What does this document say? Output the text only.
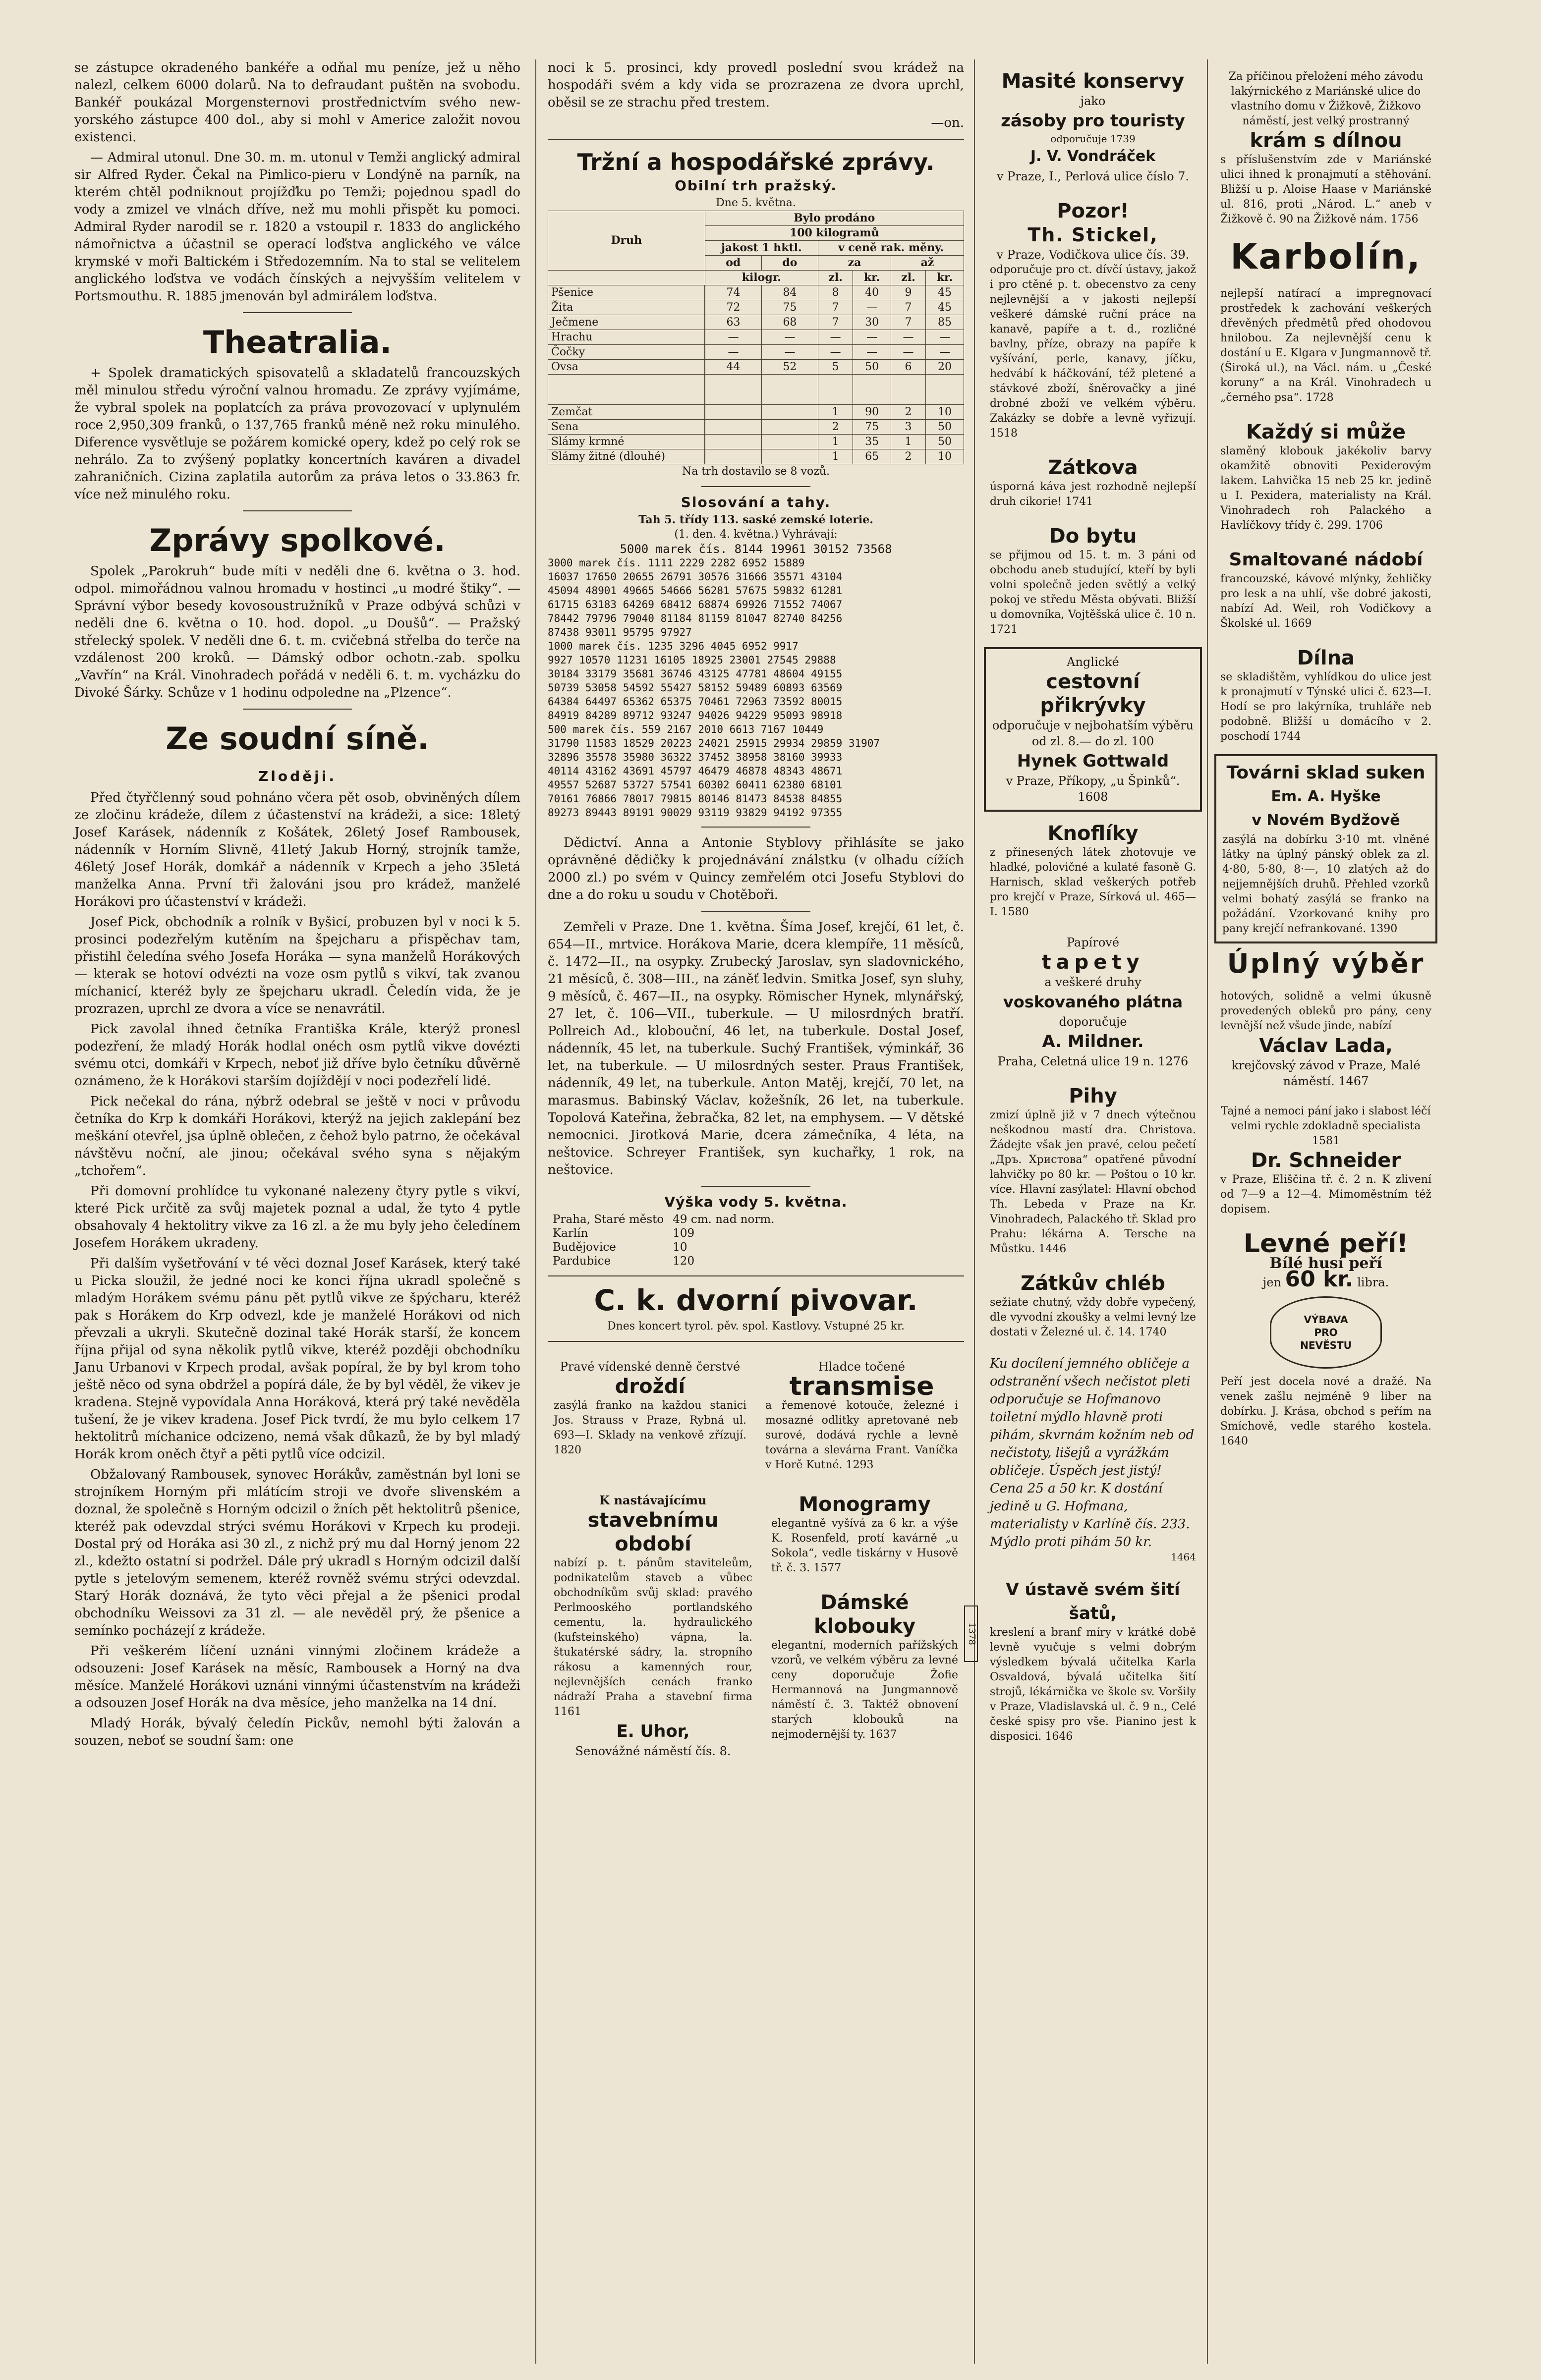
se zástupce okradeného bankéře a odňal mu peníze, jež u něho nalezl, celkem 6000 dolarů. Na to defraudant puštěn na svobodu. Bankéř poukázal Morgensternovi prostřednictvím svého new-yorského zástupce 400 dol., aby si mohl v Americe založit novou existenci.

— Admiral utonul. Dne 30. m. m. utonul v Temži anglický admiral sir Alfred Ryder. Čekal na Pimlico-pieru v Londýně na parník, na kterém chtěl podniknout projížďku po Temži; pojednou spadl do vody a zmizel ve vlnách dříve, než mu mohli přispět ku pomoci. Admiral Ryder narodil se r. 1820 a vstoupil r. 1833 do anglického námořnictva a účastnil se operací loďstva anglického ve válce krymské v moři Baltickém i Středozemním. Na to stal se velitelem anglického loďstva ve vodách čínských a nejvyšším velitelem v Portsmouthu. R. 1885 jmenován byl admirálem loďstva.

Theatralia.

+ Spolek dramatických spisovatelů a skladatelů francouzských měl minulou středu výroční valnou hromadu. Ze zprávy vyjímáme, že vybral spolek na poplatcích za práva provozovací v uplynulém roce 2,950,309 franků, o 137,765 franků méně než roku minulého. Diference vysvětluje se požárem komické opery, kdež po celý rok se nehrálo. Za to zvýšený poplatky koncertních kaváren a divadel zahraničních. Cizina zaplatila autorům za práva letos o 33.863 fr. více než minulého roku.

Zprávy spolkové.

Spolek „Parokruh“ bude míti v neděli dne 6. května o 3. hod. odpol. mimořádnou valnou hromadu v hostinci „u modré štiky“. — Správní výbor besedy kovosoustružníků v Praze odbývá schůzi v neděli dne 6. května o 10. hod. dopol. „u Doušů“. — Pražský střelecký spolek. V neděli dne 6. t. m. cvičebná střelba do terče na vzdálenost 200 kroků. — Dámský odbor ochotn.-zab. spolku „Vavřín“ na Král. Vinohradech pořádá v neděli 6. t. m. vycházku do Divoké Šárky. Schůze v 1 hodinu odpoledne na „Plzence“.

Ze soudní síně.
Zloději.

Před čtyřčlenný soud pohnáno včera pět osob, obviněných dílem ze zločinu krádeže, dílem z účastenství na krádeži, a sice: 18letý Josef Karásek, nádenník z Košátek, 26letý Josef Rambousek, nádenník v Horním Slivně, 41letý Jakub Horný, strojník tamže, 46letý Josef Horák, domkář a nádenník v Krpech a jeho 35letá manželka Anna. První tři žalováni jsou pro krádež, manželé Horákovi pro účastenství v krádeži.

Josef Pick, obchodník a rolník v Byšicí, probuzen byl v noci k 5. prosinci podezřelým kutěním na špejcharu a přispěchav tam, přistihl čeledína svého Josefa Horáka — syna manželů Horákových — kterak se hotoví odvézti na voze osm pytlů s vikví, tak zvanou míchanicí, kteréž byly ze špejcharu ukradl. Čeledín vida, že je prozrazen, uprchl ze dvora a více se nenavrátil.

Pick zavolal ihned četníka Františka Krále, kterýž pronesl podezření, že mladý Horák hodlal onéch osm pytlů vikve dovézti svému otci, domkáři v Krpech, neboť již dříve bylo četníku důvěrně oznámeno, že k Horákovi starším dojíždějí v noci podezřelí lidé.

Pick nečekal do rána, nýbrž odebral se ještě v noci v průvodu četníka do Krp k domkáři Horákovi, kterýž na jejich zaklepání bez meškání otevřel, jsa úplně oblečen, z čehož bylo patrno, že očekával návštěvu noční, ale jinou; očekával svého syna s nějakým „tchořem“.

Při domovní prohlídce tu vykonané nalezeny čtyry pytle s vikví, které Pick určitě za svůj majetek poznal a udal, že tyto 4 pytle obsahovaly 4 hektolitry vikve za 16 zl. a že mu byly jeho čeledínem Josefem Horákem ukradeny.

Při dalším vyšetřování v té věci doznal Josef Karásek, který také u Picka sloužil, že jedné noci ke konci října ukradl společně s mladým Horákem svému pánu pět pytlů vikve ze špýcharu, kteréž pak s Horákem do Krp odvezl, kde je manželé Horákovi od nich převzali a ukryli. Skutečně dozinal také Horák starší, že koncem října přijal od syna několik pytlů vikve, kteréž později obchodníku Janu Urbanovi v Krpech prodal, avšak popíral, že by byl krom toho ještě něco od syna obdržel a popírá dále, že by byl věděl, že vikev je kradena. Stejně vypovídala Anna Horáková, která prý také nevěděla tušení, že je vikev kradena. Josef Pick tvrdí, že mu bylo celkem 17 hektolitrů míchanice odcizeno, nemá však důkazů, že by byl mladý Horák krom oněch čtyř a pěti pytlů více odcizil.

Obžalovaný Rambousek, synovec Horákův, zaměstnán byl loni se strojníkem Horným při mlátícím stroji ve dvoře slivenském a doznal, že společně s Horným odcizil o žních pět hektolitrů pšenice, kteréž pak odevzdal strýci svému Horákovi v Krpech ku prodeji. Dostal prý od Horáka asi 30 zl., z nichž prý mu dal Horný jenom 22 zl., kdežto ostatní si podržel. Dále prý ukradl s Horným odcizil další pytle s jetelovým semenem, kteréž rovněž svému strýci odevzdal. Starý Horák doznává, že tyto věci přejal a že pšenici prodal obchodníku Weissovi za 31 zl. — ale nevěděl prý, že pšenice a semínko pocházejí z krádeže.

Při veškerém líčení uznáni vinnými zločinem krádeže a odsouzeni: Josef Karásek na měsíc, Rambousek a Horný na dva měsíce. Manželé Horákovi uznáni vinnými účastenstvím na krádeži a odsouzen Josef Horák na dva měsíce, jeho manželka na 14 dní.

Mladý Horák, bývalý čeledín Pickův, nemohl býti žalován a souzen, neboť se soudní šam: one

noci k 5. prosinci, kdy provedl poslední svou krádež na hospodáři svém a kdy vida se prozrazena ze dvora uprchl, oběsil se ze strachu před trestem.

—on.

Tržní a hospodářské zprávy.
Obilní trh pražský.
Dne 5. května.
Druh	Bylo prodáno					
	100 kilogramů					
	jakost 1 hktl.		v ceně rak. měny.			
	od	do	za		až	
	kilogr.		zl.	kr.	zl.	kr.
Pšenice	74	84	8	40	9	45
Žita	72	75	7	—	7	45
Ječmene	63	68	7	30	7	85
Hrachu	—	—	—	—	—	—
Čočky	—	—	—	—	—	—
Ovsa	44	52	5	50	6	20

Zemčat			1	90	2	10
Sena			2	75	3	50
Slámy krmné			1	35	1	50
Slámy žitné (dlouhé)			1	65	2	10
Na trh dostavilo se 8 vozů.
Slosování a tahy.
Tah 5. třídy 113. saské zemské loterie.
(1. den. 4. května.) Vyhrávají:
5000 marek čís. 8144 19961 30152 73568
3000 marek čís. 1111 2229 2282 6952 15889
16037 17650 20655 26791 30576 31666 35571 43104
45094 48901 49665 54666 56281 57675 59832 61281
61715 63183 64269 68412 68874 69926 71552 74067
78442 79796 79040 81184 81159 81047 82740 84256
87438 93011 95795 97927
1000 marek čís. 1235 3296 4045 6952 9917
9927 10570 11231 16105 18925 23001 27545 29888
30184 33179 35681 36746 43125 47781 48604 49155
50739 53058 54592 55427 58152 59489 60893 63569
64384 64497 65362 65375 70461 72963 73592 80015
84919 84289 89712 93247 94026 94229 95093 98918
500 marek čís. 559 2167 2010 6613 7167 10449
31790 11583 18529 20223 24021 25915 29934 29859 31907
32896 35578 35980 36322 37452 38958 38160 39933
40114 43162 43691 45797 46479 46878 48343 48671
49557 52687 53727 57541 60302 60411 62380 68101
70161 76866 78017 79815 80146 81473 84538 84855
89273 89443 89191 90029 93119 93829 94192 97355

Dědictví. Anna a Antonie Styblovy přihlásíte se jako oprávněné dědičky k projednávání ználstku (v olhadu cížích 2000 zl.) po svém v Quincy zemřelém otci Josefu Styblovi do dne a do roku u soudu v Chotěboři.

Zemřeli v Praze. Dne 1. května. Šíma Josef, krejčí, 61 let, č. 654—II., mrtvice. Horákova Marie, dcera klempíře, 11 měsíců, č. 1472—II., na osypky. Zrubecký Jaroslav, syn sladovnického, 21 měsíců, č. 308—III., na záněť ledvin. Smitka Josef, syn sluhy, 9 měsíců, č. 467—II., na osypky. Römischer Hynek, mlynářský, 27 let, č. 106—VII., tuberkule. — U milosrdných bratří. Pollreich Ad., klobouční, 46 let, na tuberkule. Dostal Josef, nádenník, 45 let, na tuberkule. Suchý František, výminkář, 36 let, na tuberkule. — U milosrdných sester. Praus František, nádenník, 49 let, na tuberkule. Anton Matěj, krejčí, 70 let, na marasmus. Babinský Václav, kožešník, 26 let, na tuberkule. Topolová Kateřina, žebračka, 82 let, na emphysem. — V dětské nemocnici. Jirotková Marie, dcera zámečníka, 4 léta, na neštovice. Schreyer František, syn kuchařky, 1 rok, na neštovice.

Výška vody 5. května.
Praha, Staré město	49 cm. nad norm.
Karlín	109
Budějovice	10
Pardubice	120
C. k. dvorní pivovar.
Dnes koncert tyrol. pěv. spol. Kastlovy. Vstupné 25 kr.
Pravé vídenské denně čerstvé
droždí
zasýlá franko na každou stanici Jos. Strauss v Praze, Rybná ul. 693—I. Sklady na venkově zřízují. 1820
Hladce točené
transmise
a řemenové kotouče, železné i mosazné odlitky apretované neb surové, dodává rychle a levně továrna a slevárna Frant. Vaníčka v Horě Kutné. 1293
K nastávajícímu
stavebnímu období
nabízí p. t. pánům staviteleům, podnikatelům staveb a vůbec obchodníkům svůj sklad: pravého Perlmooského portlandského cementu, la. hydraulického (kufsteinského) vápna, la. štukatérské sádry, la. stropního rákosu a kamenných rour, nejlevnějších cenách franko nádraží Praha a stavební firma 1161
E. Uhor,
Senovážné náměstí čís. 8.
Monogramy
elegantně vyšívá za 6 kr. a výše K. Rosenfeld, protí kavárně „u Sokola“, vedle tiskárny v Husově tř. č. 3. 1577
Dámské klobouky
elegantní, moderních pařížských vzorů, ve velkém výběru za levné ceny doporučuje Žofie Hermannová na Jungmannově náměstí č. 3. Taktéž obnovení starých klobouků na nejmodernější ty. 1637
Masité konservy
jako
zásoby pro touristy
odporučuje 1739
J. V. Vondráček
v Praze, I., Perlová ulice číslo 7.
Pozor!
Th. Stickel,
v Praze, Vodičkova ulice čís. 39.
odporučuje pro ct. dívčí ústavy, jakož i pro ctěné p. t. obecenstvo za ceny nejlevnější a v jakosti nejlepší veškeré dámské ruční práce na kanavě, papíře a t. d., rozličné bavlny, příze, obrazy na papíře k vyšívání, perle, kanavy, jíčku, hedvábí k háčkování, též pletené a stávkové zboží, šněrovačky a jiné drobné zboží ve velkém výběru. Zakázky se dobře a levně vyřizují. 1518
Zátkova
úsporná káva jest rozhodně nejlepší druh cikorie! 1741
Do bytu
se přijmou od 15. t. m. 3 páni od obchodu aneb studující, kteří by byli volni společně jeden světlý a velký pokoj ve středu Města obývati. Bližší u domovníka, Vojtěšská ulice č. 10 n. 1721
Anglické
cestovní přikrývky
odporučuje v nejbohatším výběru od zl. 8.— do zl. 100
Hynek Gottwald
v Praze, Příkopy, „u Špinků“. 1608
Knoflíky
z přinesených látek zhotovuje ve hladké, polovičné a kulaté fasoně G. Harnisch, sklad veškerých potřeb pro krejčí v Praze, Sírková ul. 465—I. 1580
Papírové
tapety
a veškeré druhy
voskovaného plátna
doporučuje
A. Mildner.
Praha, Celetná ulice 19 n. 1276
Pihy
zmizí úplně již v 7 dnech výtečnou neškodnou mastí dra. Christova. Žádejte však jen pravé, celou pečetí „Дръ. Христова“ opatřené původní lahvičky po 80 kr. — Poštou o 10 kr. více. Hlavní zasýlatel: Hlavní obchod Th. Lebeda v Praze na Kr. Vinohradech, Palackého tř. Sklad pro Prahu: lékárna A. Tersche na Můstku. 1446
Zátkův chléb
sežiate chutný, vždy dobře vypečený, dle vyvodní zkoušky a velmi levný lze dostati v Železné ul. č. 14. 1740
Ku docílení jemného obličeje a odstranění všech nečistot pleti odporučuje se Hofmanovo toiletní mýdlo hlavně proti pihám, skvrnám kožním neb od nečistoty, lišejů a vyrážkám obličeje. Úspěch jest jistý! Cena 25 a 50 kr. K dostání jedině u G. Hofmana, materialisty v Karlíně čís. 233. Mýdlo proti pihám 50 kr.
1464
V ústavě svém šití šatů,
kreslení a branf míry v krátké době levně vyučuje s velmi dobrým výsledkem bývalá učitelka Karla Osvaldová, bývalá učitelka šití strojů, lékárnička ve škole sv. Voršily v Praze, Vladislavská ul. č. 9 n., Celé české spisy pro vše. Pianino jest k disposici. 1646
Za příčinou přeložení mého závodu lakýrnického z Mariánské ulice do vlastního domu v Žižkově, Žižkovo náměstí, jest velký prostranný
krám s dílnou
s příslušenstvím zde v Mariánské ulici ihned k pronajmutí a stěhování. Bližší u p. Aloise Haase v Mariánské ul. 816, proti „Národ. L.“ aneb v Žižkově č. 90 na Žižkově nám. 1756
Karbolín,
nejlepší natírací a impregnovací prostředek k zachování veškerých dřevěných předmětů před ohodovou hnilobou. Za nejlevnější cenu k dostání u E. Klgara v Jungmannově tř. (Široká ul.), na Václ. nám. u „České koruny“ a na Král. Vinohradech u „černého psa“. 1728
Každý si může
slaměný klobouk jakékoliv barvy okamžitě obnoviti Pexiderovým lakem. Lahvička 15 neb 25 kr. jedině u I. Pexidera, materialisty na Král. Vinohradech roh Palackého a Havlíčkovy třídy č. 299. 1706
Smaltované nádobí
francouzské, kávové mlýnky, žehličky pro lesk a na uhlí, vše dobré jakosti, nabízí Ad. Weil, roh Vodičkovy a Školské ul. 1669
Dílna
se skladištěm, vyhlídkou do ulice jest k pronajmutí v Týnské ulici č. 623—I. Hodí se pro lakýrníka, truhláře neb podobně. Bližší u domácího v 2. poschodí 1744
Továrni sklad suken
Em. A. Hyške
v Novém Bydžově
zasýlá na dobírku 3·10 mt. vlněné látky na úplný pánský oblek za zl. 4·80, 5·80, 8·—, 10 zlatých až do nejjemnějších druhů. Přehled vzorků velmi bohatý zasýlá se franko na požádání. Vzorkované knihy pro pany krejčí nefrankované. 1390
Úplný výběr
hotových, solidně a velmi úkusně provedených obleků pro pány, ceny levnější než všude jinde, nabízí
Václav Lada,
krejčovský závod v Praze, Malé náměstí. 1467
Tajné a nemoci pání jako i slabost léčí velmi rychle zdokladně specialista 1581
Dr. Schneider
v Praze, Eliščina tř. č. 2 n. K zlivení od 7—9 a 12—4. Mimoměstním též dopisem.
Levné peří!
Bílé husí peří
jen 60 kr. libra.
VÝBAVA
PRO
NEVĚSTU
Peří jest docela nové a dražé. Na venek zašlu nejméně 9 liber na dobírku. J. Krása, obchod s peřím na Smíchově, vedle starého kostela. 1640
1378
